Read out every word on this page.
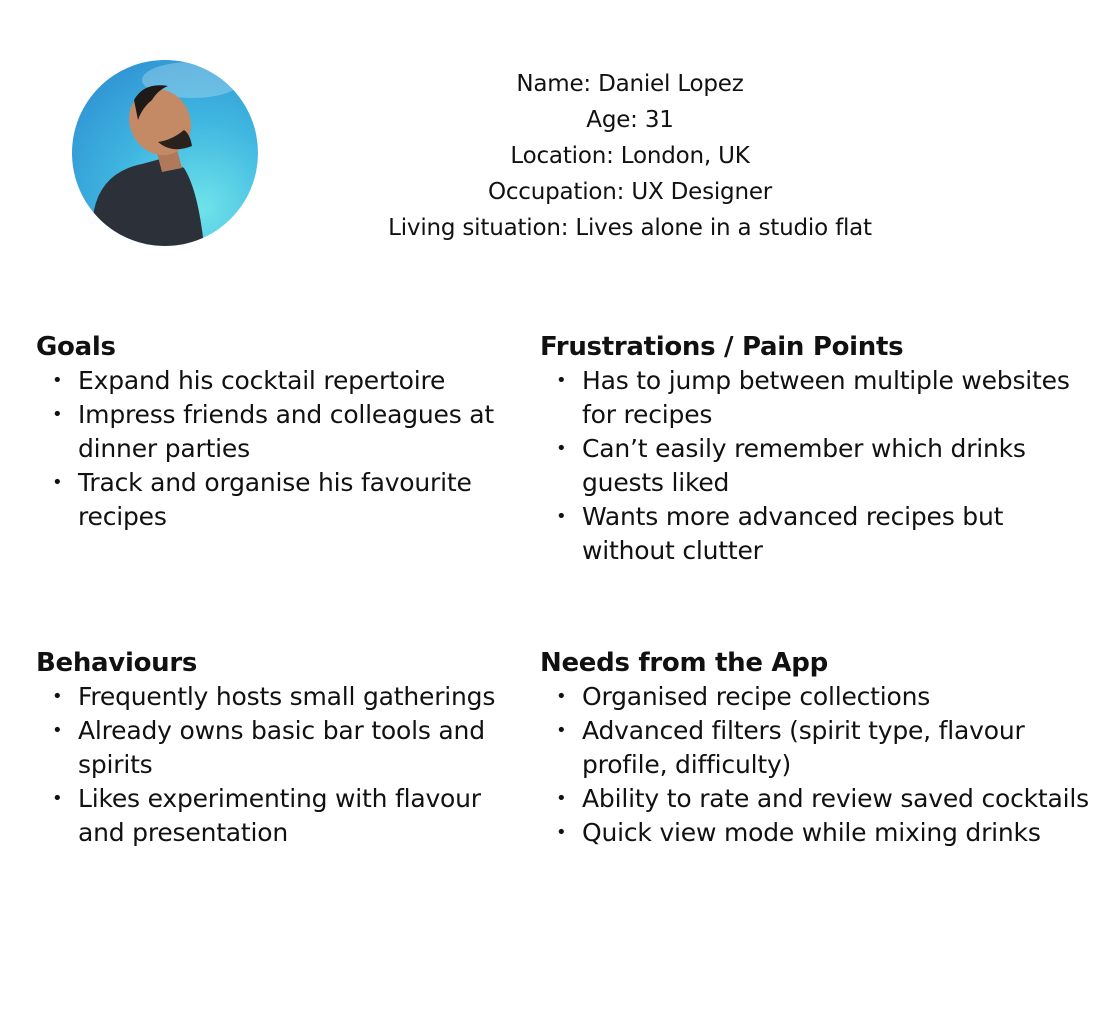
Name: Daniel Lopez
Age: 31
Location: London, UK
Occupation: UX Designer
Living situation: Lives alone in a studio flat
Goals
• Expand his cocktail repertoire
• Impress friends and colleagues at dinner parties
• Track and organise his favourite recipes
Frustrations / Pain Points
• Has to jump between multiple websites for recipes
• Can’t easily remember which drinks guests liked
• Wants more advanced recipes but without clutter
Behaviours
• Frequently hosts small gatherings
• Already owns basic bar tools and spirits
• Likes experimenting with flavour and presentation
Needs from the App
• Organised recipe collections
• Advanced filters (spirit type, flavour profile, difficulty)
• Ability to rate and review saved cocktails
• Quick view mode while mixing drinks
